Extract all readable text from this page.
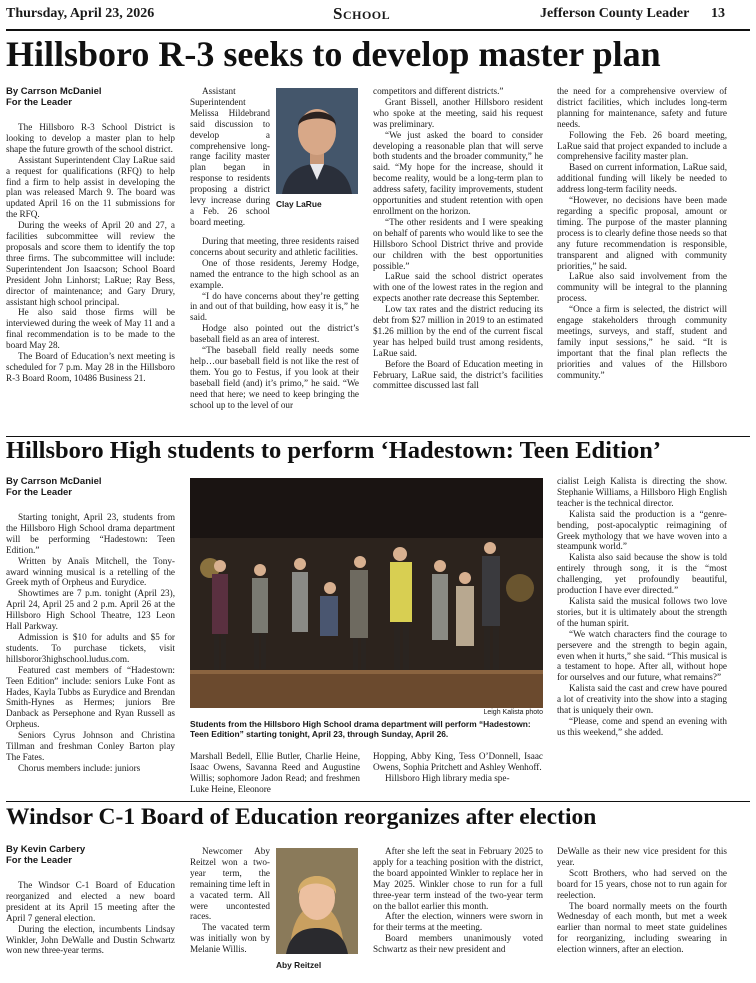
Thursday, April 23, 2026	School	Jefferson County Leader 13
Hillsboro R-3 seeks to develop master plan
By Carrson McDaniel
For the Leader

The Hillsboro R-3 School District is looking to develop a master plan to help shape the future growth of the school district.

Assistant Superintendent Clay LaRue said a request for qualifications (RFQ) to help find a firm to help assist in developing the plan was released March 9. The board was updated April 16 on the 11 submissions for the RFQ.

During the weeks of April 20 and 27, a facilities subcommittee will review the proposals and score them to identify the top three firms. The subcommittee will include: Superintendent Jon Isaacson; School Board President John Linhorst; LaRue; Ray Bess, director of maintenance; and Gary Drury, assistant high school principal.

He also said those firms will be interviewed during the week of May 11 and a final recommendation is to be made to the board May 28.

The Board of Education’s next meeting is scheduled for 7 p.m. May 28 in the Hillsboro R-3 Board Room, 10486 Business 21.

Assistant Superintendent Melissa Hildebrand said discussion to develop a comprehensive long-range facility master plan began in response to residents proposing a district levy increase during a Feb. 26 school board meeting.

Clay LaRue

During that meeting, three residents raised concerns about security and athletic facilities.

One of those residents, Jeremy Hodge, named the entrance to the high school as an example.

“I do have concerns about they’re getting in and out of that building, how easy it is,” he said.

Hodge also pointed out the district’s baseball field as an area of interest.

“The baseball field really needs some help…our baseball field is not like the rest of them. You go to Festus, if you look at their baseball field (and) it’s primo,” he said. “We need that here; we need to keep bringing the school up to the level of our

competitors and different districts.”

Grant Bissell, another Hillsboro resident who spoke at the meeting, said his request was preliminary.

“We just asked the board to consider developing a reasonable plan that will serve both students and the broader community,” he said. “My hope for the increase, should it become reality, would be a long-term plan to address safety, facility improvements, student opportunities and student retention with open enrollment on the horizon.

“The other residents and I were speaking on behalf of parents who would like to see the Hillsboro School District thrive and provide our children with the best opportunities possible.”

LaRue said the school district operates with one of the lowest rates in the region and expects another rate decrease this September.

Low tax rates and the district reducing its debt from $27 million in 2019 to an estimated $1.26 million by the end of the current fiscal year has helped build trust among residents, LaRue said.

Before the Board of Education meeting in February, LaRue said, the district’s facilities committee discussed last fall

the need for a comprehensive overview of district facilities, which includes long-term planning for maintenance, safety and future needs.

Following the Feb. 26 board meeting, LaRue said that project expanded to include a comprehensive facility master plan.

Based on current information, LaRue said, additional funding will likely be needed to address long-term facility needs.

“However, no decisions have been made regarding a specific proposal, amount or timing. The purpose of the master planning process is to clearly define those needs so that any future recommendation is responsible, transparent and aligned with community priorities,” he said.

LaRue also said involvement from the community will be integral to the planning process.

“Once a firm is selected, the district will engage stakeholders through community meetings, surveys, and staff, student and family input sessions,” he said. “It is important that the final plan reflects the priorities and values of the Hillsboro community.”

Hillsboro High students to perform ‘Hadestown: Teen Edition’
By Carrson McDaniel
For the Leader

Starting tonight, April 23, students from the Hillsboro High School drama department will be performing “Hadestown: Teen Edition.”

Written by Anaïs Mitchell, the Tony-award winning musical is a retelling of the Greek myth of Orpheus and Eurydice.

Showtimes are 7 p.m. tonight (April 23), April 24, April 25 and 2 p.m. April 26 at the Hillsboro High School Theatre, 123 Leon Hall Parkway.

Admission is $10 for adults and $5 for students. To purchase tickets, visit hillsboror3highschool.ludus.com.

Featured cast members of “Hadestown: Teen Edition” include: seniors Luke Font as Hades, Kayla Tubbs as Eurydice and Brendan Smith-Hynes as Hermes; juniors Bre Danback as Persephone and Ryan Russell as Orpheus.

Seniors Cyrus Johnson and Christina Tillman and freshman Conley Barton play The Fates.

Chorus members include: juniors

Leigh Kalista photo
Students from the Hillsboro High School drama department will perform “Hadestown: Teen Edition” starting tonight, April 23, through Sunday, April 26.

Marshall Bedell, Ellie Butler, Charlie Heine, Isaac Owens, Savanna Reed and Augustine Willis; sophomore Jadon Read; and freshmen Luke Heine, Eleonore

Hopping, Abby King, Tess O’Donnell, Isaac Owens, Sophia Pritchett and Ashley Wenhoff.

Hillsboro High library media spe-

cialist Leigh Kalista is directing the show. Stephanie Williams, a Hillsboro High English teacher is the technical director.

Kalista said the production is a “genre-bending, post-apocalyptic reimagining of Greek mythology that we have woven into a steampunk world.”

Kalista also said because the show is told entirely through song, it is the “most challenging, yet profoundly beautiful, production I have ever directed.”

Kalista said the musical follows two love stories, but it is ultimately about the strength of the human spirit.

“We watch characters find the courage to persevere and the strength to begin again, even when it hurts,” she said. “This musical is a testament to hope. After all, without hope for ourselves and our future, what remains?”

Kalista said the cast and crew have poured a lot of creativity into the show into a staging that is uniquely their own.

“Please, come and spend an evening with us this weekend,” she added.

Windsor C-1 Board of Education reorganizes after election
By Kevin Carbery
For the Leader

The Windsor C-1 Board of Education reorganized and elected a new board president at its April 15 meeting after the April 7 general election.

During the election, incumbents Lindsay Winkler, John DeWalle and Dustin Schwartz won new three-year terms.

Newcomer Aby Reitzel won a two-year term, the remaining time left in a vacated term. All were uncontested races.

The vacated term was initially won by Melanie Willis.

Aby Reitzel

After she left the seat in February 2025 to apply for a teaching position with the district, the board appointed Winkler to replace her in May 2025. Winkler chose to run for a full three-year term instead of the two-year term on the ballot earlier this month.

After the election, winners were sworn in for their terms at the meeting.

Board members unanimously voted Schwartz as their new president and

DeWalle as their new vice president for this year.

Scott Brothers, who had served on the board for 15 years, chose not to run again for reelection.

The board normally meets on the fourth Wednesday of each month, but met a week earlier than normal to meet state guidelines for reorganizing, including swearing in election winners, after an election.
